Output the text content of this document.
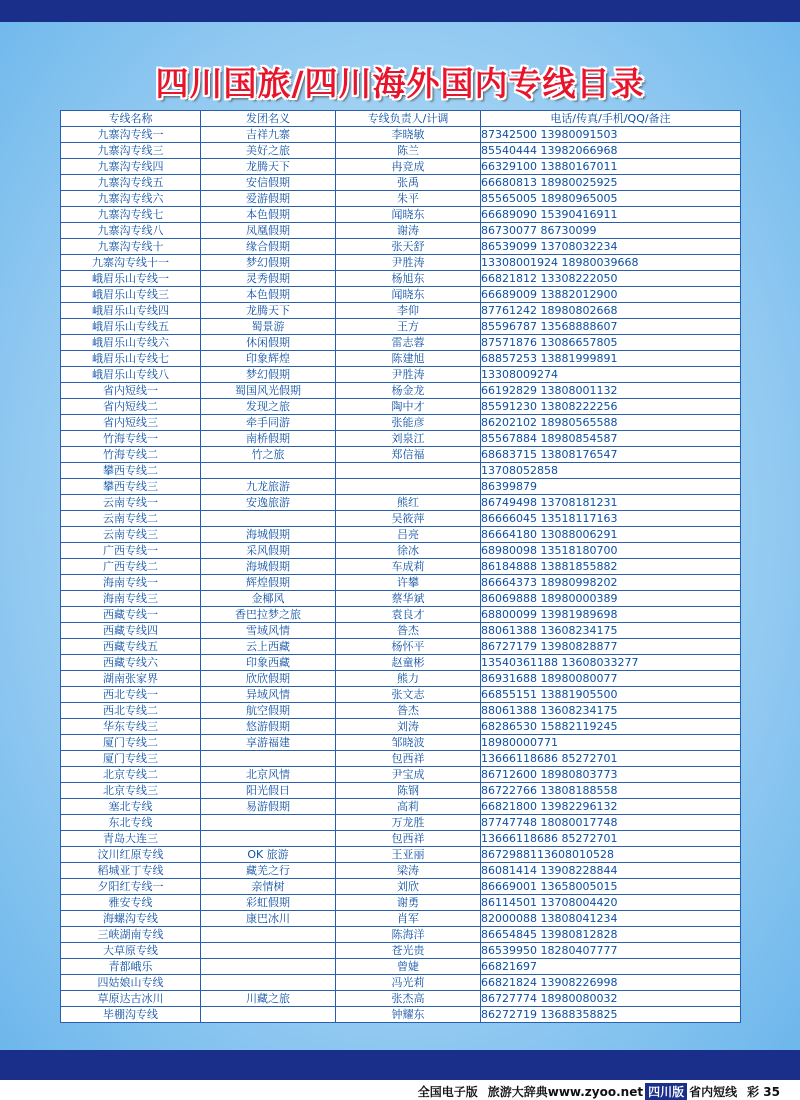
四川国旅/四川海外国内专线目录
专线名称	发团名义	专线负责人/计调	电话/传真/手机/QQ/备注
九寨沟专线一	吉祥九寨	李晓敏	87342500 13980091503
九寨沟专线三	美好之旅	陈兰	85540444 13982066968
九寨沟专线四	龙腾天下	冉竞成	66329100 13880167011
九寨沟专线五	安信假期	张禹	66680813 18980025925
九寨沟专线六	爱游假期	朱平	85565005 18980965005
九寨沟专线七	本色假期	闻晓东	66689090 15390416911
九寨沟专线八	凤凰假期	谢涛	86730077 86730099
九寨沟专线十	缘合假期	张天舒	86539099 13708032234
九寨沟专线十一	梦幻假期	尹胜涛	13308001924 18980039668
峨眉乐山专线一	灵秀假期	杨旭东	66821812 13308222050
峨眉乐山专线三	本色假期	闻晓东	66689009 13882012900
峨眉乐山专线四	龙腾天下	李仰	87761242 18980802668
峨眉乐山专线五	蜀景游	王方	85596787 13568888607
峨眉乐山专线六	休闲假期	雷志蓉	87571876 13086657805
峨眉乐山专线七	印象辉煌	陈建旭	68857253 13881999891
峨眉乐山专线八	梦幻假期	尹胜涛	13308009274
省内短线一	蜀国风光假期	杨金龙	66192829 13808001132
省内短线二	发现之旅	陶中才	85591230 13808222256
省内短线三	牵手同游	张能彦	86202102 18980565588
竹海专线一	南桥假期	刘泉江	85567884 18980854587
竹海专线二	竹之旅	郑信福	68683715 13808176547
攀西专线二			13708052858
攀西专线三	九龙旅游		86399879
云南专线一	安逸旅游	熊红	86749498 13708181231
云南专线二		吴筱萍	86666045 13518117163
云南专线三	海城假期	吕亮	86664180 13088006291
广西专线一	采风假期	徐冰	68980098 13518180700
广西专线二	海城假期	车成莉	86184888 13881855882
海南专线一	辉煌假期	许攀	86664373 18980998202
海南专线三	金椰风	蔡华斌	86069888 18980000389
西藏专线一	香巴拉梦之旅	袁良才	68800099 13981989698
西藏专线四	雪域风情	昝杰	88061388 13608234175
西藏专线五	云上西藏	杨怀平	86727179 13980828877
西藏专线六	印象西藏	赵童彬	13540361188 13608033277
湖南张家界	欣欣假期	熊力	86931688 18980080077
西北专线一	异域风情	张文志	66855151 13881905500
西北专线二	航空假期	昝杰	88061388 13608234175
华东专线三	悠游假期	刘涛	68286530 15882119245
厦门专线二	享游福建	邹晓波	18980000771
厦门专线三		包西祥	13666118686 85272701
北京专线二	北京风情	尹宝成	86712600 18980803773
北京专线三	阳光假日	陈钢	86722766 13808188558
塞北专线	易游假期	高莉	66821800 13982296132
东北专线		万龙胜	87747748 18080017748
青岛大连三		包西祥	13666118686 85272701
汶川红原专线	OK 旅游	王亚丽	8672988113608010528
稻城亚丁专线	藏羌之行	梁涛	86081414 13908228844
夕阳红专线一	亲情树	刘欣	86669001 13658005015
雅安专线	彩虹假期	谢勇	86114501 13708004420
海螺沟专线	康巴冰川	肖军	82000088 13808041234
三峡湖南专线		陈海洋	86654845 13980812828
大草原专线		苍光贵	86539950 18280407777
青都峨乐		曾婕	66821697
四姑娘山专线		冯光莉	66821824 13908226998
草原达古冰川	川藏之旅	张杰高	86727774 18980080032
毕棚沟专线		钟耀东	86272719 13688358825
全国电子版 旅游大辞典www.zyoo.net 四川版 省内短线 彩 35
